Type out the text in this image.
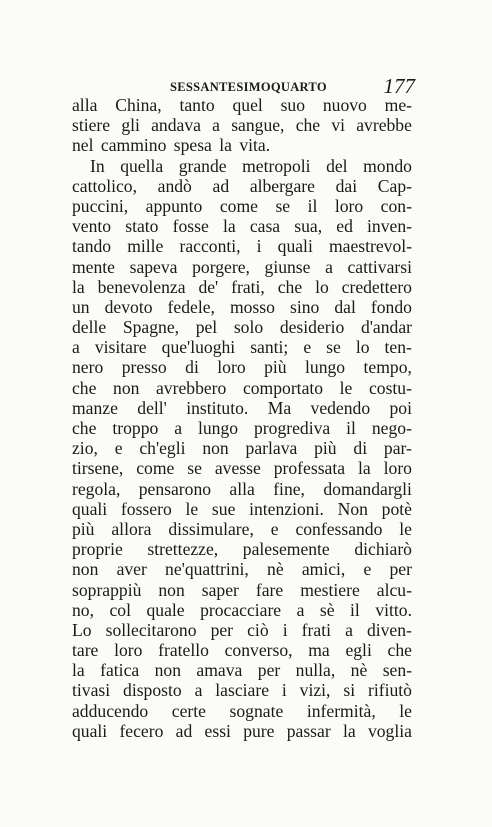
SESSANTESIMOQUARTO	177
alla China, tanto quel suo nuovo me-
stiere gli andava a sangue, che vi avrebbe
nel cammino spesa la vita.
In quella grande metropoli del mondo
cattolico, andò ad albergare dai Cap-
puccini, appunto come se il loro con-
vento stato fosse la casa sua, ed inven-
tando mille racconti, i quali maestrevol-
mente sapeva porgere, giunse a cattivarsi
la benevolenza de' frati, che lo credettero
un devoto fedele, mosso sino dal fondo
delle Spagne, pel solo desiderio d'andar
a visitare que'luoghi santi; e se lo ten-
nero presso di loro più lungo tempo,
che non avrebbero comportato le costu-
manze dell' instituto. Ma vedendo poi
che troppo a lungo progrediva il nego-
zio, e ch'egli non parlava più di par-
tirsene, come se avesse professata la loro
regola, pensarono alla fine, domandargli
quali fossero le sue intenzioni. Non potè
più allora dissimulare, e confessando le
proprie strettezze, palesemente dichiarò
non aver ne'quattrini, nè amici, e per
soprappiù non saper fare mestiere alcu-
no, col quale procacciare a sè il vitto.
Lo sollecitarono per ciò i frati a diven-
tare loro fratello converso, ma egli che
la fatica non amava per nulla, nè sen-
tivasi disposto a lasciare i vizi, si rifiutò
adducendo certe sognate infermità, le
quali fecero ad essi pure passar la voglia
